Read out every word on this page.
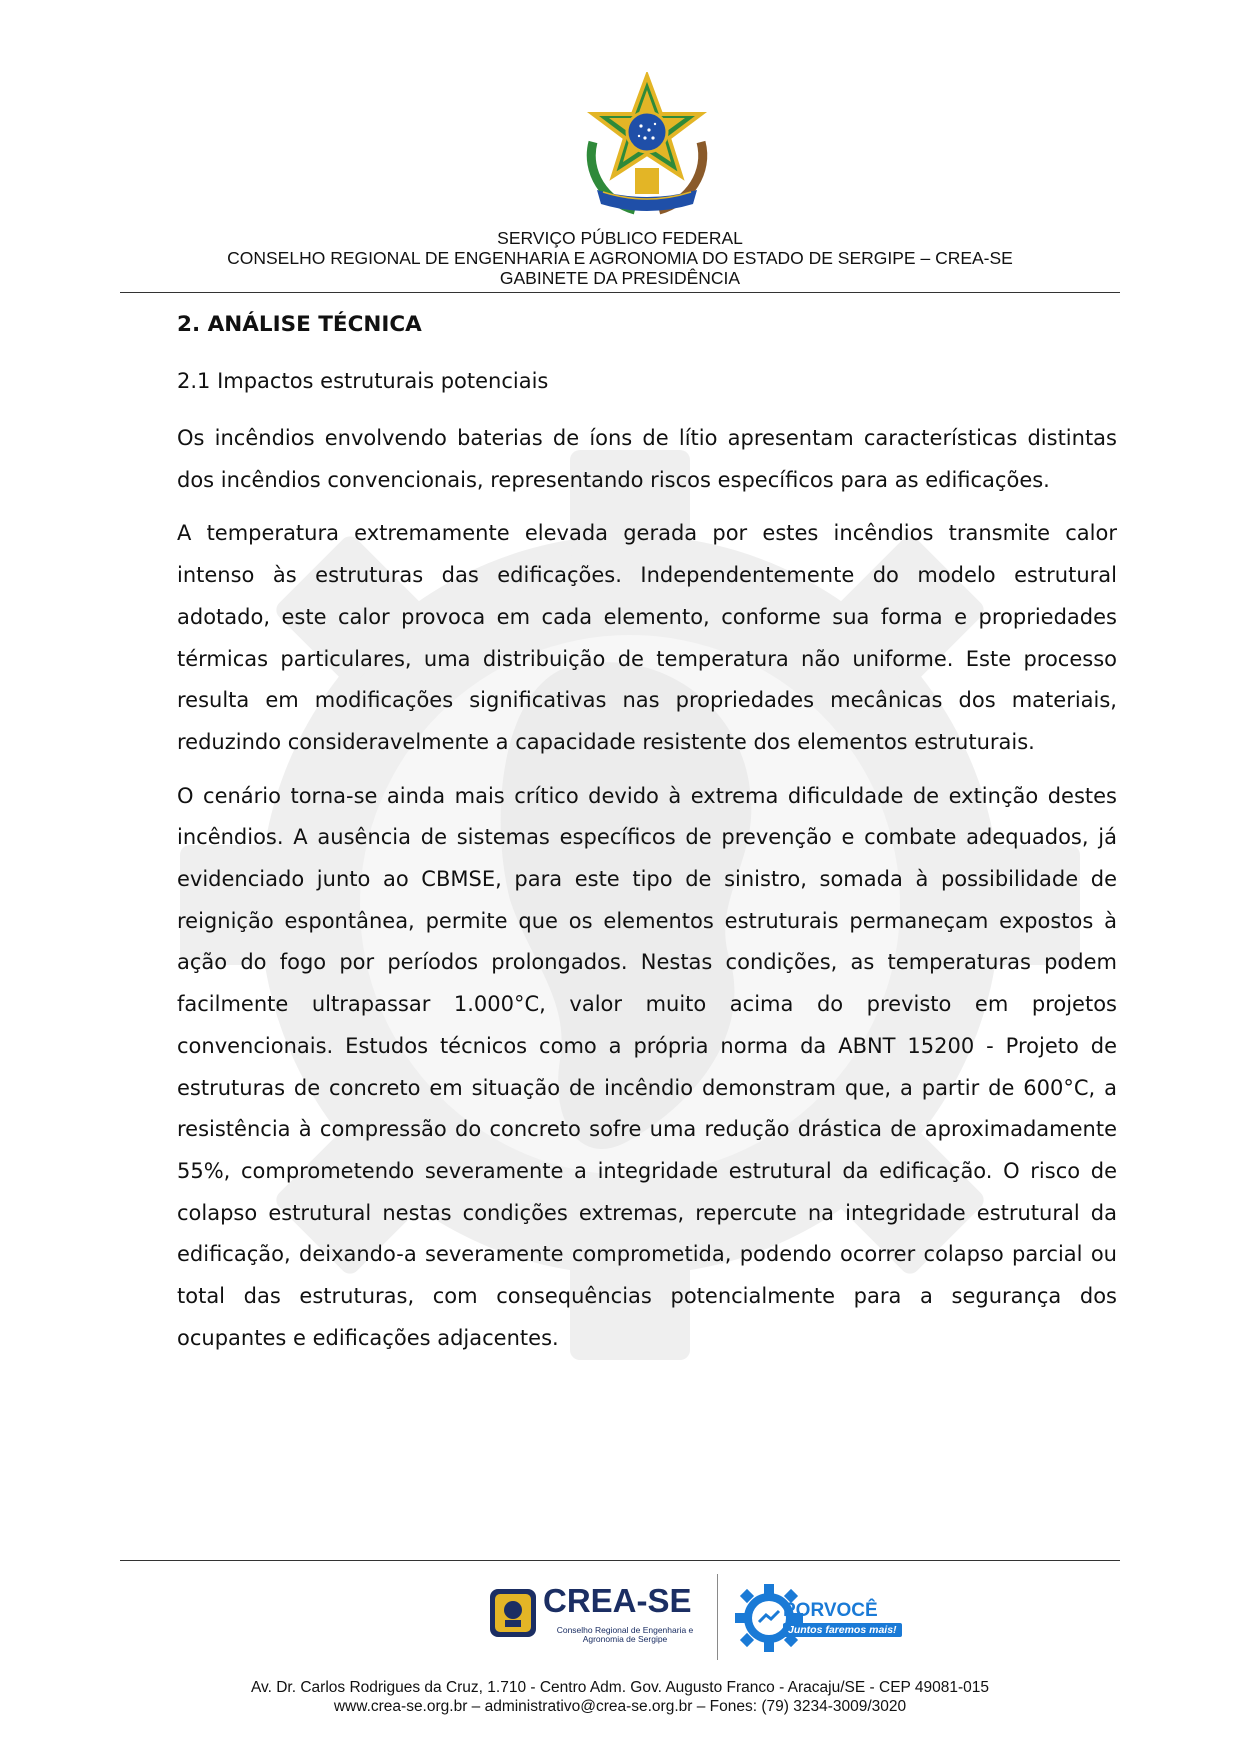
SERVIÇO PÚBLICO FEDERAL
CONSELHO REGIONAL DE ENGENHARIA E AGRONOMIA DO ESTADO DE SERGIPE – CREA-SE
GABINETE DA PRESIDÊNCIA
2. ANÁLISE TÉCNICA
2.1 Impactos estruturais potenciais

Os incêndios envolvendo baterias de íons de lítio apresentam características distintas dos incêndios convencionais, representando riscos específicos para as edificações.

A temperatura extremamente elevada gerada por estes incêndios transmite calor intenso às estruturas das edificações. Independentemente do modelo estrutural adotado, este calor provoca em cada elemento, conforme sua forma e propriedades térmicas particulares, uma distribuição de temperatura não uniforme. Este processo resulta em modificações significativas nas propriedades mecânicas dos materiais, reduzindo consideravelmente a capacidade resistente dos elementos estruturais.

O cenário torna-se ainda mais crítico devido à extrema dificuldade de extinção destes incêndios. A ausência de sistemas específicos de prevenção e combate adequados, já evidenciado junto ao CBMSE, para este tipo de sinistro, somada à possibilidade de reignição espontânea, permite que os elementos estruturais permaneçam expostos à ação do fogo por períodos prolongados. Nestas condições, as temperaturas podem facilmente ultrapassar 1.000°C, valor muito acima do previsto em projetos convencionais. Estudos técnicos como a própria norma da ABNT 15200 - Projeto de estruturas de concreto em situação de incêndio demonstram que, a partir de 600°C, a resistência à compressão do concreto sofre uma redução drástica de aproximadamente 55%, comprometendo severamente a integridade estrutural da edificação. O risco de colapso estrutural nestas condições extremas, repercute na integridade estrutural da edificação, deixando-a severamente comprometida, podendo ocorrer colapso parcial ou total das estruturas, com consequências potencialmente para a segurança dos ocupantes e edificações adjacentes.

CREA-SE
Conselho Regional de Engenharia e Agronomia de Sergipe
PORVOCÊ
Juntos faremos mais!
Av. Dr. Carlos Rodrigues da Cruz, 1.710 - Centro Adm. Gov. Augusto Franco - Aracaju/SE - CEP 49081-015
www.crea-se.org.br – administrativo@crea-se.org.br – Fones: (79) 3234-3009/3020
